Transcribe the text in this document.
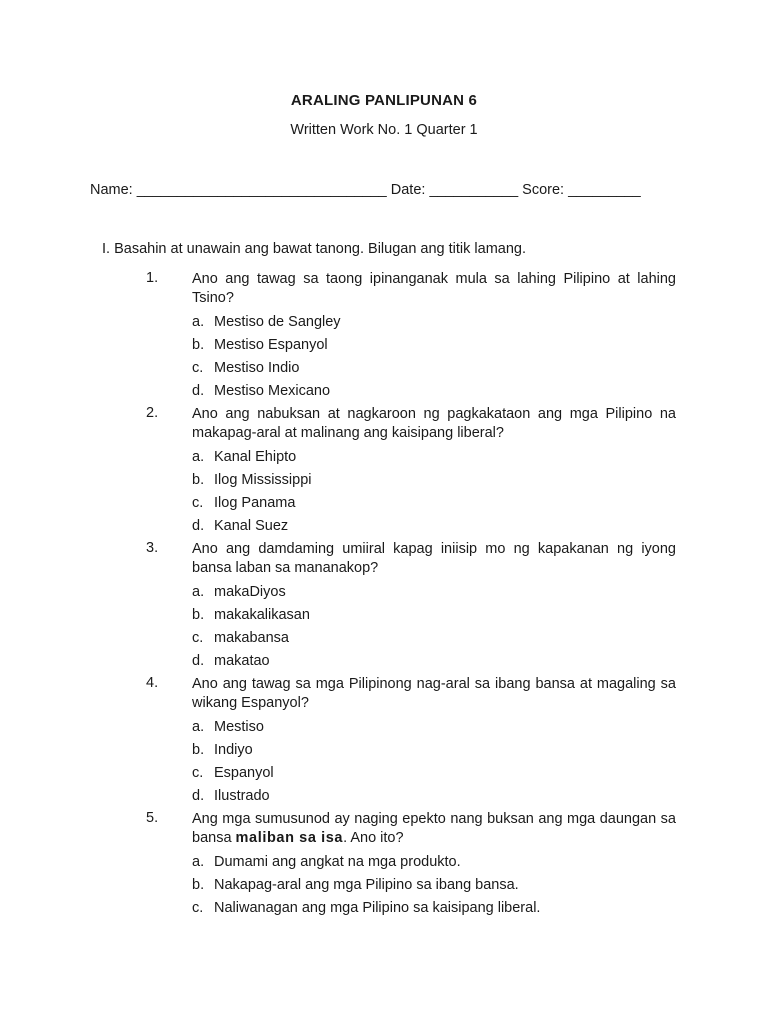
ARALING PANLIPUNAN 6
Written Work No. 1 Quarter 1
Name: _______________________________ Date: ___________ Score: _________
I. Basahin at unawain ang bawat tanong. Bilugan ang titik lamang.
1. Ano ang tawag sa taong ipinanganak mula sa lahing Pilipino at lahing Tsino?
a. Mestiso de Sangley
b. Mestiso Espanyol
c. Mestiso Indio
d. Mestiso Mexicano
2. Ano ang nabuksan at nagkaroon ng pagkakataon ang mga Pilipino na makapag-aral at malinang ang kaisipang liberal?
a. Kanal Ehipto
b. Ilog Mississippi
c. Ilog Panama
d. Kanal Suez
3. Ano ang damdaming umiiral kapag iniisip mo ng kapakanan ng iyong bansa laban sa mananakop?
a. makaDiyos
b. makakalikasan
c. makabansa
d. makatao
4. Ano ang tawag sa mga Pilipinong nag-aral sa ibang bansa at magaling sa wikang Espanyol?
a. Mestiso
b. Indiyo
c. Espanyol
d. Ilustrado
5. Ang mga sumusunod ay naging epekto nang buksan ang mga daungan sa bansa maliban sa isa. Ano ito?
a. Dumami ang angkat na mga produkto.
b. Nakapag-aral ang mga Pilipino sa ibang bansa.
c. Naliwanagan ang mga Pilipino sa kaisipang liberal.
